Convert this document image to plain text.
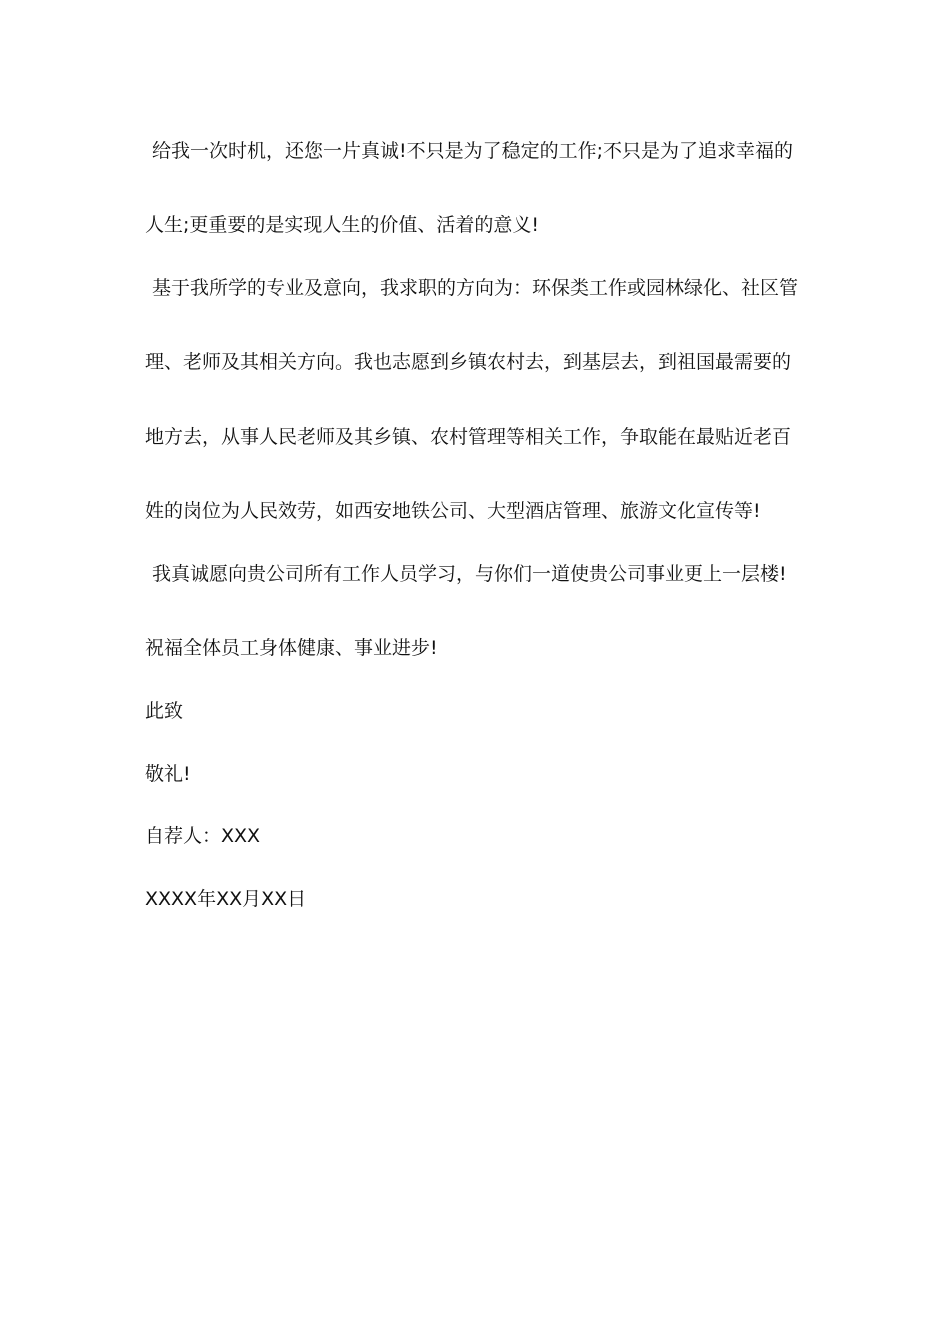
给我一次时机，还您一片真诚!不只是为了稳定的工作;不只是为了追求幸福的
人生;更重要的是实现人生的价值、活着的意义!
基于我所学的专业及意向，我求职的方向为：环保类工作或园林绿化、社区管
理、老师及其相关方向。我也志愿到乡镇农村去，到基层去，到祖国最需要的
地方去，从事人民老师及其乡镇、农村管理等相关工作，争取能在最贴近老百
姓的岗位为人民效劳，如西安地铁公司、大型酒店管理、旅游文化宣传等!
我真诚愿向贵公司所有工作人员学习，与你们一道使贵公司事业更上一层楼!
祝福全体员工身体健康、事业进步!
此致
敬礼!
自荐人：XXX
XXXX年XX月XX日
